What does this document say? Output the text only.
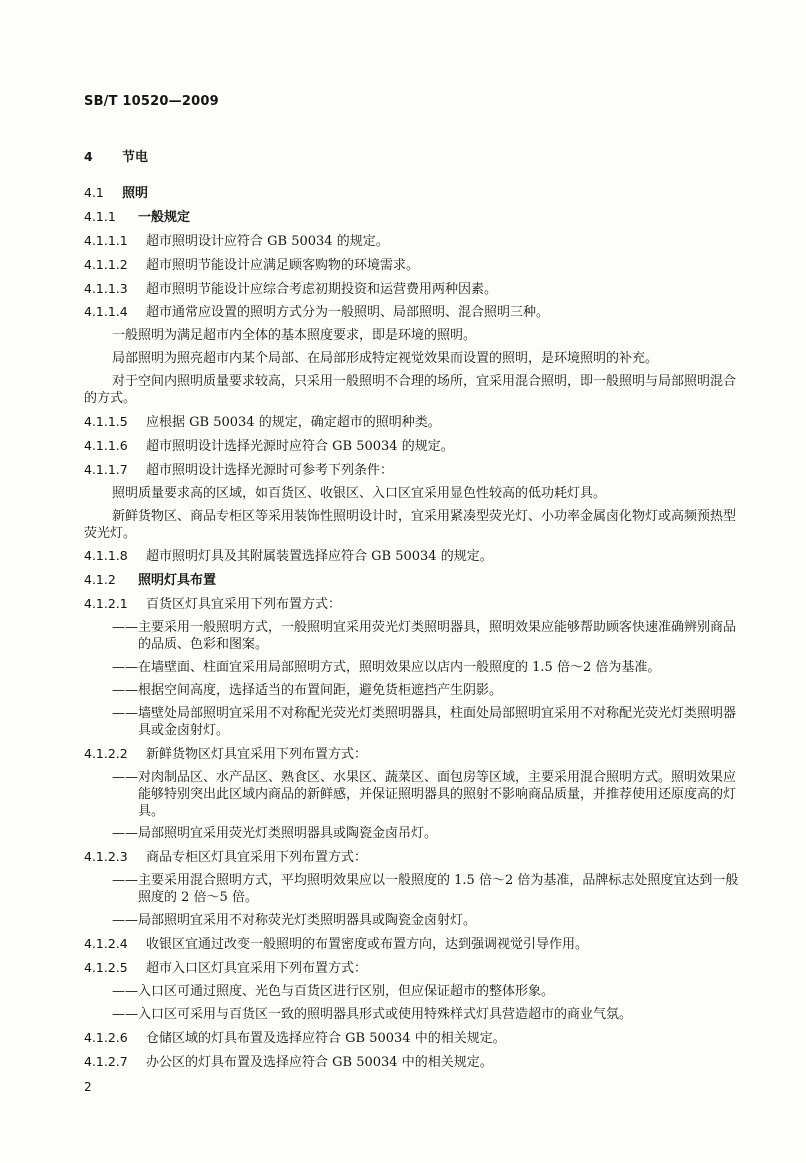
SB/T 10520—2009
4 节电
4.1 照明
4.1.1 一般规定
4.1.1.1 超市照明设计应符合 GB 50034 的规定。
4.1.1.2 超市照明节能设计应满足顾客购物的环境需求。
4.1.1.3 超市照明节能设计应综合考虑初期投资和运营费用两种因素。
4.1.1.4 超市通常应设置的照明方式分为一般照明、局部照明、混合照明三种。
一般照明为满足超市内全体的基本照度要求，即是环境的照明。
局部照明为照亮超市内某个局部、在局部形成特定视觉效果而设置的照明，是环境照明的补充。
对于空间内照明质量要求较高，只采用一般照明不合理的场所，宜采用混合照明，即一般照明与局部照明混合的方式。
4.1.1.5 应根据 GB 50034 的规定，确定超市的照明种类。
4.1.1.6 超市照明设计选择光源时应符合 GB 50034 的规定。
4.1.1.7 超市照明设计选择光源时可参考下列条件：
照明质量要求高的区域，如百货区、收银区、入口区宜采用显色性较高的低功耗灯具。
新鲜货物区、商品专柜区等采用装饰性照明设计时，宜采用紧凑型荧光灯、小功率金属卤化物灯或高频预热型荧光灯。
4.1.1.8 超市照明灯具及其附属装置选择应符合 GB 50034 的规定。
4.1.2 照明灯具布置
4.1.2.1 百货区灯具宜采用下列布置方式：
——主要采用一般照明方式，一般照明宜采用荧光灯类照明器具，照明效果应能够帮助顾客快速准确辨别商品的品质、色彩和图案。
——在墙壁面、柱面宜采用局部照明方式，照明效果应以店内一般照度的 1.5 倍～2 倍为基准。
——根据空间高度，选择适当的布置间距，避免货柜遮挡产生阴影。
——墙壁处局部照明宜采用不对称配光荧光灯类照明器具，柱面处局部照明宜采用不对称配光荧光灯类照明器具或金卤射灯。
4.1.2.2 新鲜货物区灯具宜采用下列布置方式：
——对肉制品区、水产品区、熟食区、水果区、蔬菜区、面包房等区域，主要采用混合照明方式。照明效果应能够特别突出此区域内商品的新鲜感，并保证照明器具的照射不影响商品质量，并推荐使用还原度高的灯具。
——局部照明宜采用荧光灯类照明器具或陶瓷金卤吊灯。
4.1.2.3 商品专柜区灯具宜采用下列布置方式：
——主要采用混合照明方式，平均照明效果应以一般照度的 1.5 倍～2 倍为基准，品牌标志处照度宜达到一般照度的 2 倍～5 倍。
——局部照明宜采用不对称荧光灯类照明器具或陶瓷金卤射灯。
4.1.2.4 收银区宜通过改变一般照明的布置密度或布置方向，达到强调视觉引导作用。
4.1.2.5 超市入口区灯具宜采用下列布置方式：
——入口区可通过照度、光色与百货区进行区别，但应保证超市的整体形象。
——入口区可采用与百货区一致的照明器具形式或使用特殊样式灯具营造超市的商业气氛。
4.1.2.6 仓储区域的灯具布置及选择应符合 GB 50034 中的相关规定。
4.1.2.7 办公区的灯具布置及选择应符合 GB 50034 中的相关规定。
2
